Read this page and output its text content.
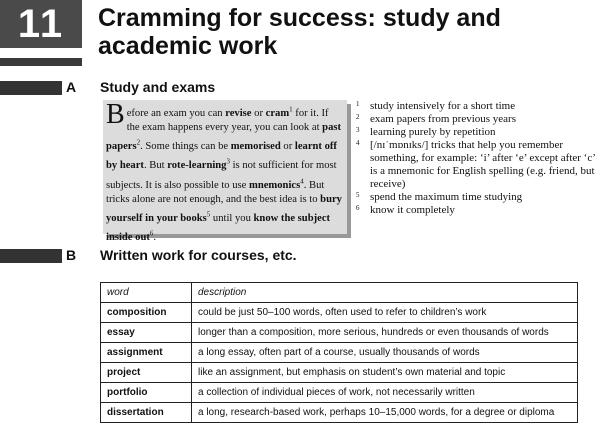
11	Cramming for success: study and academic work
A Study and exams
Before an exam you can revise or cram$^1$ for it. If the exam happens every year, you can look at past papers$^2$. Some things can be memorised or learnt off by heart. But rote-learning$^3$ is not sufficient for most subjects. It is also possible to use mnemonics$^4$. But tricks alone are not enough, and the best idea is to bury yourself in your books$^5$ until you know the subject inside out$^6$.
1 study intensively for a short time
2 exam papers from previous years
3 learning purely by repetition
4 [/nɪˈmɒnɪks/] tricks that help you remember something, for example: ‘i’ after ‘e’ except after ‘c’ is a mnemonic for English spelling (e.g. friend, but receive)
5 spend the maximum time studying
6 know it completely
B Written work for courses, etc.
word	description
composition	could be just 50–100 words, often used to refer to children’s work
essay	longer than a composition, more serious, hundreds or even thousands of words
assignment	a long essay, often part of a course, usually thousands of words
project	like an assignment, but emphasis on student’s own material and topic
portfolio	a collection of individual pieces of work, not necessarily written
dissertation	a long, research-based work, perhaps 10–15,000 words, for a degree or diploma
